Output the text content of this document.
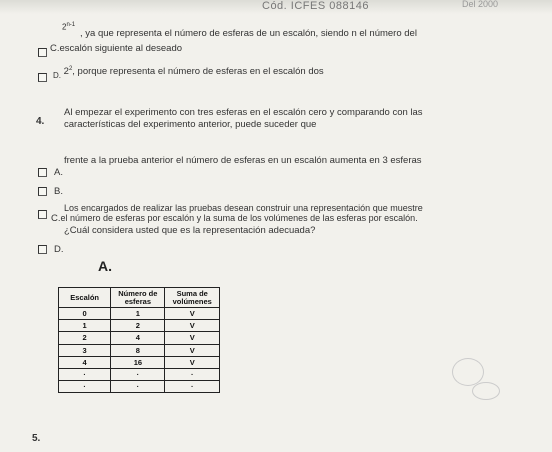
Cód. ICFES 088146	Del 2000
2$^{n-1}$
, ya que representa el número de esferas de un escalón, siendo n el número del
C.escalón siguiente al deseado
$_{D.}$ $2^2$, porque representa el número de esferas en el escalón dos
4.
Al empezar el experimento con tres esferas en el escalón cero y comparando con las
características del experimento anterior, puede suceder que
frente a la prueba anterior el número de esferas en un escalón aumenta en 3 esferas
A.
B.
Los encargados de realizar las pruebas desean construir una representación que muestre
C.el número de esferas por escalón y la suma de los volúmenes de las esferas por escalón.
¿Cuál considera usted que es la representación adecuada?
D.
A.
Escalón	Número de esferas	Suma de volúmenes
0	1	V
1	2	V
2	4	V
3	8	V
4	16	V
·	·	·
·	·	·
5.
